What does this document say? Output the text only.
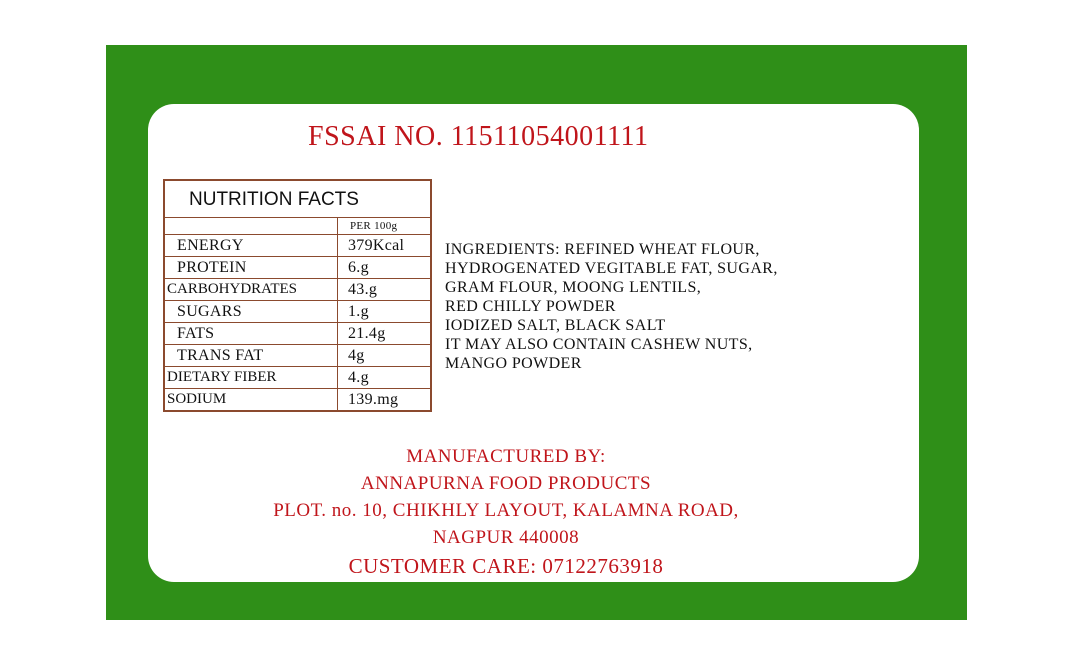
FSSAI NO. 11511054001111
NUTRITION FACTS	
	PER 100g
ENERGY	379Kcal
PROTEIN	6.g
CARBOHYDRATES	43.g
SUGARS	1.g
FATS	21.4g
TRANS FAT	4g
DIETARY FIBER	4.g
SODIUM	139.mg
INGREDIENTS: REFINED WHEAT FLOUR,
HYDROGENATED VEGITABLE FAT, SUGAR,
GRAM FLOUR, MOONG LENTILS,
RED CHILLY POWDER
IODIZED SALT, BLACK SALT
IT MAY ALSO CONTAIN CASHEW NUTS,
MANGO POWDER
MANUFACTURED BY:
ANNAPURNA FOOD PRODUCTS
PLOT. no. 10, CHIKHLY LAYOUT, KALAMNA ROAD,
NAGPUR 440008
CUSTOMER CARE: 07122763918
